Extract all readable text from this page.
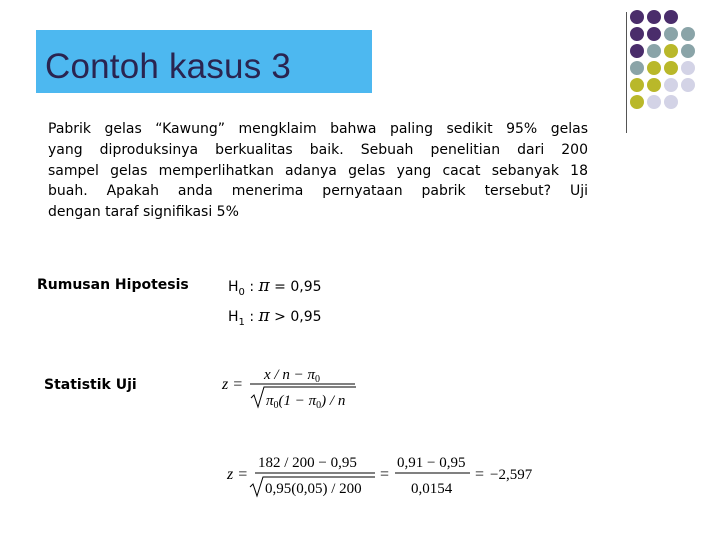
Contoh kasus 3
Pabrik gelas “Kawung” mengklaim bahwa paling sedikit 95% gelas
yang diproduksinya berkualitas baik. Sebuah penelitian dari 200
sampel gelas memperlihatkan adanya gelas yang cacat sebanyak 18
buah. Apakah anda menerima pernyataan pabrik tersebut? Uji
dengan taraf signifikasi 5%
Rumusan Hipotesis	$H_0$ : π = 0,95
$H_1$ : π > 0,95
Statistik Uji	z =
$x / n - \pi_0$
$\pi_0(1 - \pi_0) / n$
z =
182 / 200 − 0,95
0,95(0,05) / 200
=
0,91 − 0,95
0,0154
= −2,597
